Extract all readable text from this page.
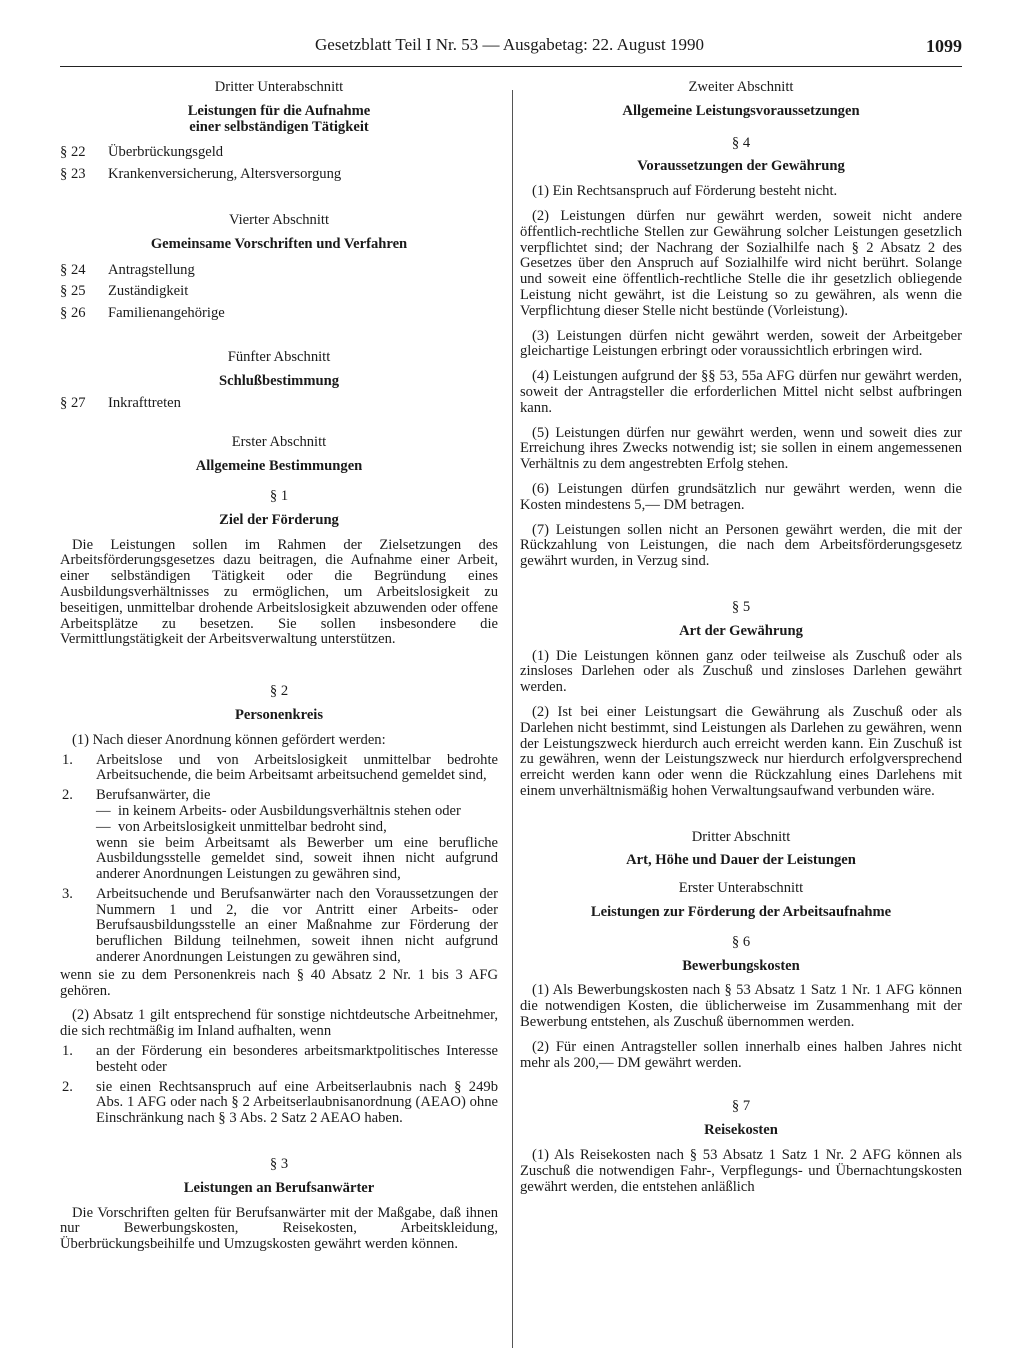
Gesetzblatt Teil I Nr. 53 — Ausgabetag: 22. August 1990	1099
Dritter Unterabschnitt
Leistungen für die Aufnahme
einer selbständigen Tätigkeit
§ 22	Überbrückungsgeld
§ 23	Krankenversicherung, Altersversorgung
Vierter Abschnitt
Gemeinsame Vorschriften und Verfahren
§ 24	Antragstellung
§ 25	Zuständigkeit
§ 26	Familienangehörige
Fünfter Abschnitt
Schlußbestimmung
§ 27	Inkrafttreten
Erster Abschnitt
Allgemeine Bestimmungen
§ 1
Ziel der Förderung
Die Leistungen sollen im Rahmen der Zielsetzungen des Arbeitsförderungsgesetzes dazu beitragen, die Aufnahme einer Arbeit, einer selbständigen Tätigkeit oder die Begründung eines Ausbildungsverhältnisses zu ermöglichen, um Arbeitslosigkeit zu beseitigen, unmittelbar drohende Arbeitslosigkeit abzuwenden oder offene Arbeitsplätze zu besetzen. Sie sollen insbesondere die Vermittlungstätigkeit der Arbeitsverwaltung unterstützen.
§ 2
Personenkreis
(1) Nach dieser Anordnung können gefördert werden:
1.	Arbeitslose und von Arbeitslosigkeit unmittelbar bedrohte Arbeitsuchende, die beim Arbeitsamt arbeitsuchend gemeldet sind,
2.	Berufsanwärter, die
— in keinem Arbeits- oder Ausbildungsverhältnis stehen oder
— von Arbeitslosigkeit unmittelbar bedroht sind,
wenn sie beim Arbeitsamt als Bewerber um eine berufliche Ausbildungsstelle gemeldet sind, soweit ihnen nicht aufgrund anderer Anordnungen Leistungen zu gewähren sind,
3.	Arbeitsuchende und Berufsanwärter nach den Voraussetzungen der Nummern 1 und 2, die vor Antritt einer Arbeits- oder Berufsausbildungsstelle an einer Maßnahme zur Förderung der beruflichen Bildung teilnehmen, soweit ihnen nicht aufgrund anderer Anordnungen Leistungen zu gewähren sind,
wenn sie zu dem Personenkreis nach § 40 Absatz 2 Nr. 1 bis 3 AFG gehören.
(2) Absatz 1 gilt entsprechend für sonstige nichtdeutsche Arbeitnehmer, die sich rechtmäßig im Inland aufhalten, wenn
1.	an der Förderung ein besonderes arbeitsmarktpolitisches Interesse besteht oder
2.	sie einen Rechtsanspruch auf eine Arbeitserlaubnis nach § 249b Abs. 1 AFG oder nach § 2 Arbeitserlaubnisanordnung (AEAO) ohne Einschränkung nach § 3 Abs. 2 Satz 2 AEAO haben.
§ 3
Leistungen an Berufsanwärter
Die Vorschriften gelten für Berufsanwärter mit der Maßgabe, daß ihnen nur Bewerbungskosten, Reisekosten, Arbeitskleidung, Überbrückungsbeihilfe und Umzugskosten gewährt werden können.
Zweiter Abschnitt
Allgemeine Leistungsvoraussetzungen
§ 4
Voraussetzungen der Gewährung
(1) Ein Rechtsanspruch auf Förderung besteht nicht.
(2) Leistungen dürfen nur gewährt werden, soweit nicht andere öffentlich-rechtliche Stellen zur Gewährung solcher Leistungen gesetzlich verpflichtet sind; der Nachrang der Sozialhilfe nach § 2 Absatz 2 des Gesetzes über den Anspruch auf Sozialhilfe wird nicht berührt. Solange und soweit eine öffentlich-rechtliche Stelle die ihr gesetzlich obliegende Leistung nicht gewährt, ist die Leistung so zu gewähren, als wenn die Verpflichtung dieser Stelle nicht bestünde (Vorleistung).
(3) Leistungen dürfen nicht gewährt werden, soweit der Arbeitgeber gleichartige Leistungen erbringt oder voraussichtlich erbringen wird.
(4) Leistungen aufgrund der §§ 53, 55a AFG dürfen nur gewährt werden, soweit der Antragsteller die erforderlichen Mittel nicht selbst aufbringen kann.
(5) Leistungen dürfen nur gewährt werden, wenn und soweit dies zur Erreichung ihres Zwecks notwendig ist; sie sollen in einem angemessenen Verhältnis zu dem angestrebten Erfolg stehen.
(6) Leistungen dürfen grundsätzlich nur gewährt werden, wenn die Kosten mindestens 5,— DM betragen.
(7) Leistungen sollen nicht an Personen gewährt werden, die mit der Rückzahlung von Leistungen, die nach dem Arbeitsförderungsgesetz gewährt wurden, in Verzug sind.
§ 5
Art der Gewährung
(1) Die Leistungen können ganz oder teilweise als Zuschuß oder als zinsloses Darlehen oder als Zuschuß und zinsloses Darlehen gewährt werden.
(2) Ist bei einer Leistungsart die Gewährung als Zuschuß oder als Darlehen nicht bestimmt, sind Leistungen als Darlehen zu gewähren, wenn der Leistungszweck hierdurch auch erreicht werden kann. Ein Zuschuß ist zu gewähren, wenn der Leistungszweck nur hierdurch erfolgversprechend erreicht werden kann oder wenn die Rückzahlung eines Darlehens mit einem unverhältnismäßig hohen Verwaltungsaufwand verbunden wäre.
Dritter Abschnitt
Art, Höhe und Dauer der Leistungen
Erster Unterabschnitt
Leistungen zur Förderung der Arbeitsaufnahme
§ 6
Bewerbungskosten
(1) Als Bewerbungskosten nach § 53 Absatz 1 Satz 1 Nr. 1 AFG können die notwendigen Kosten, die üblicherweise im Zusammenhang mit der Bewerbung entstehen, als Zuschuß übernommen werden.
(2) Für einen Antragsteller sollen innerhalb eines halben Jahres nicht mehr als 200,— DM gewährt werden.
§ 7
Reisekosten
(1) Als Reisekosten nach § 53 Absatz 1 Satz 1 Nr. 2 AFG können als Zuschuß die notwendigen Fahr-, Verpflegungs- und Übernachtungskosten gewährt werden, die entstehen anläßlich
